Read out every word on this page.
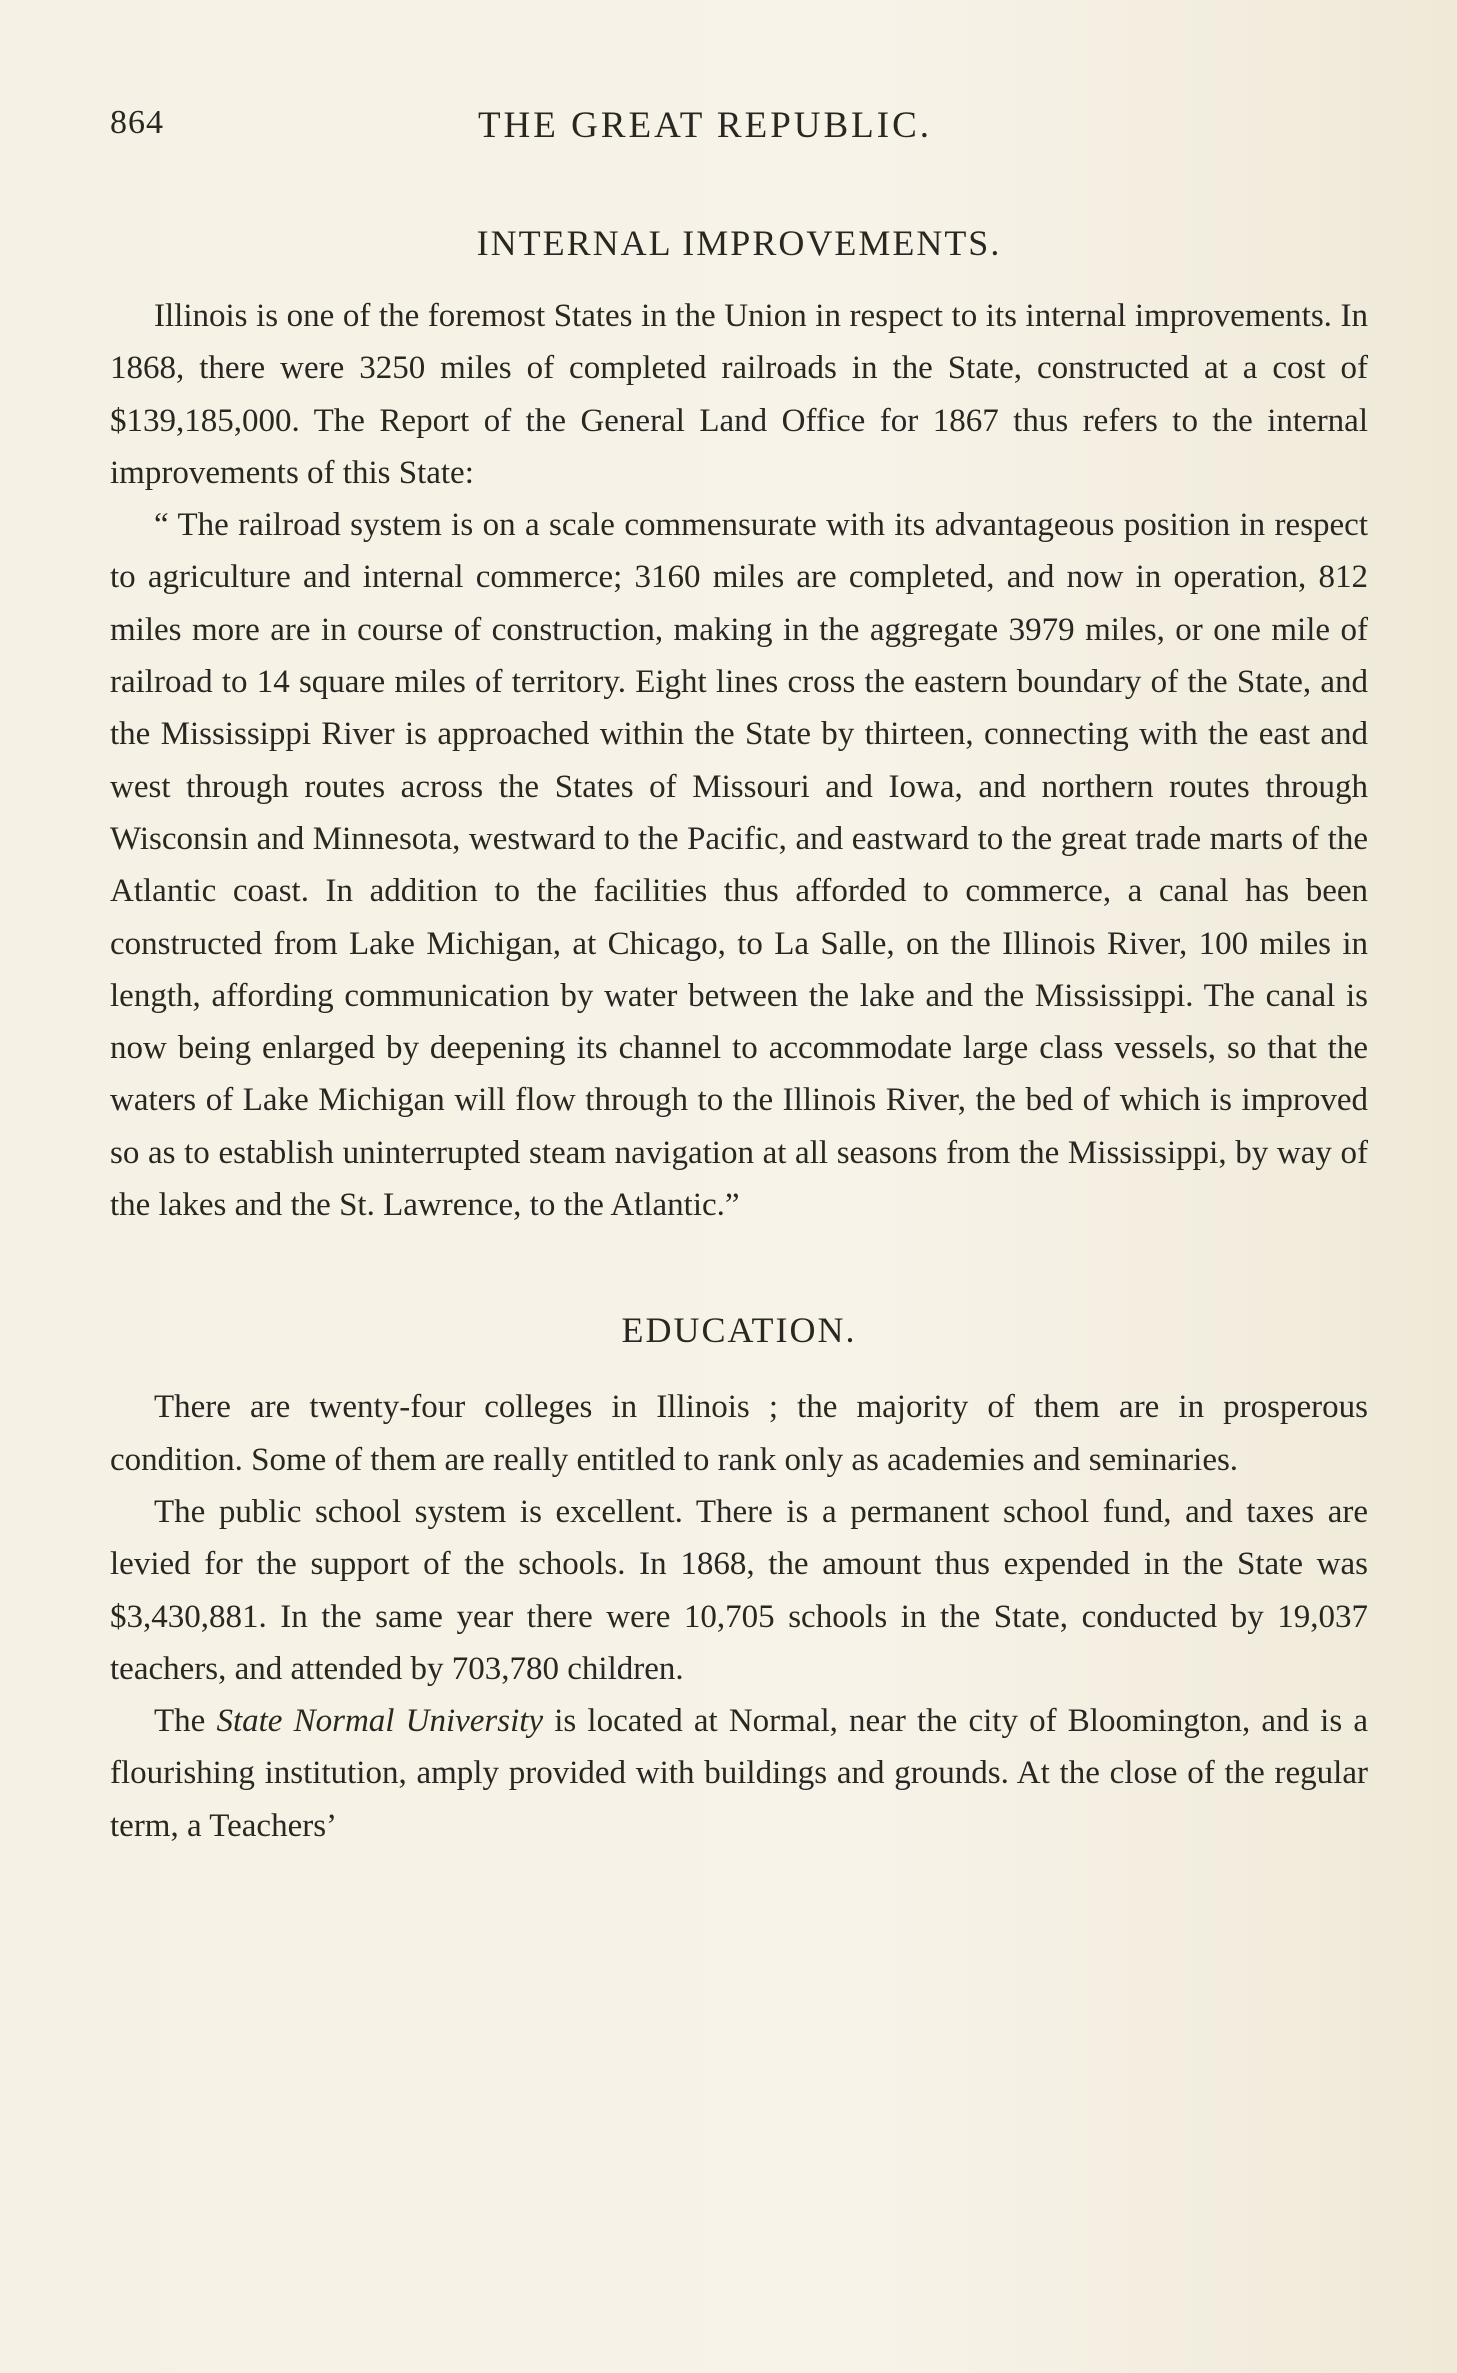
864	THE GREAT REPUBLIC.
INTERNAL IMPROVEMENTS.

Illinois is one of the foremost States in the Union in respect to its internal improvements. In 1868, there were 3250 miles of completed railroads in the State, constructed at a cost of $139,185,000. The Report of the General Land Office for 1867 thus refers to the internal improvements of this State:

“ The railroad system is on a scale commensurate with its advantageous position in respect to agriculture and internal commerce; 3160 miles are completed, and now in operation, 812 miles more are in course of construction, making in the aggregate 3979 miles, or one mile of railroad to 14 square miles of territory. Eight lines cross the eastern boundary of the State, and the Mississippi River is approached within the State by thirteen, connecting with the east and west through routes across the States of Missouri and Iowa, and northern routes through Wisconsin and Minnesota, westward to the Pacific, and eastward to the great trade marts of the Atlantic coast. In addition to the facilities thus afforded to commerce, a canal has been constructed from Lake Michigan, at Chicago, to La Salle, on the Illinois River, 100 miles in length, affording communication by water between the lake and the Mississippi. The canal is now being enlarged by deepening its channel to accommodate large class vessels, so that the waters of Lake Michigan will flow through to the Illinois River, the bed of which is improved so as to establish uninterrupted steam navigation at all seasons from the Mississippi, by way of the lakes and the St. Lawrence, to the Atlantic.”

EDUCATION.

There are twenty-four colleges in Illinois ; the majority of them are in prosperous condition. Some of them are really entitled to rank only as academies and seminaries.

The public school system is excellent. There is a permanent school fund, and taxes are levied for the support of the schools. In 1868, the amount thus expended in the State was $3,430,881. In the same year there were 10,705 schools in the State, conducted by 19,037 teachers, and attended by 703,780 children.

The State Normal University is located at Normal, near the city of Bloomington, and is a flourishing institution, amply provided with buildings and grounds. At the close of the regular term, a Teachers’
